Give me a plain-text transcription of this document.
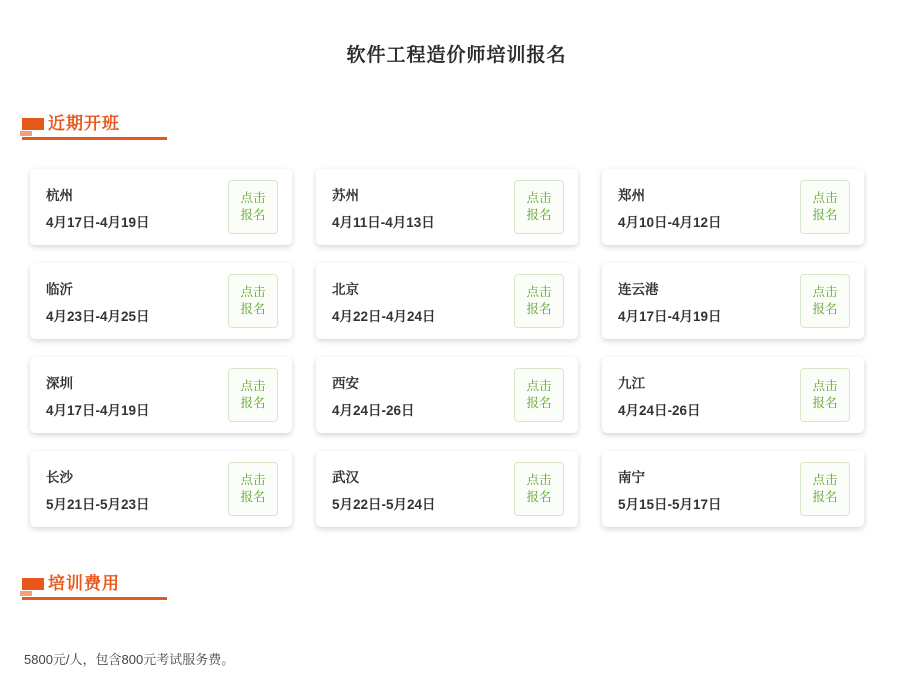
软件工程造价师培训报名
近期开班
杭州
4月17日-4月19日
点击
报名
苏州
4月11日-4月13日
点击
报名
郑州
4月10日-4月12日
点击
报名
临沂
4月23日-4月25日
点击
报名
北京
4月22日-4月24日
点击
报名
连云港
4月17日-4月19日
点击
报名
深圳
4月17日-4月19日
点击
报名
西安
4月24日-26日
点击
报名
九江
4月24日-26日
点击
报名
长沙
5月21日-5月23日
点击
报名
武汉
5月22日-5月24日
点击
报名
南宁
5月15日-5月17日
点击
报名
培训费用
5800元/人，包含800元考试服务费。
